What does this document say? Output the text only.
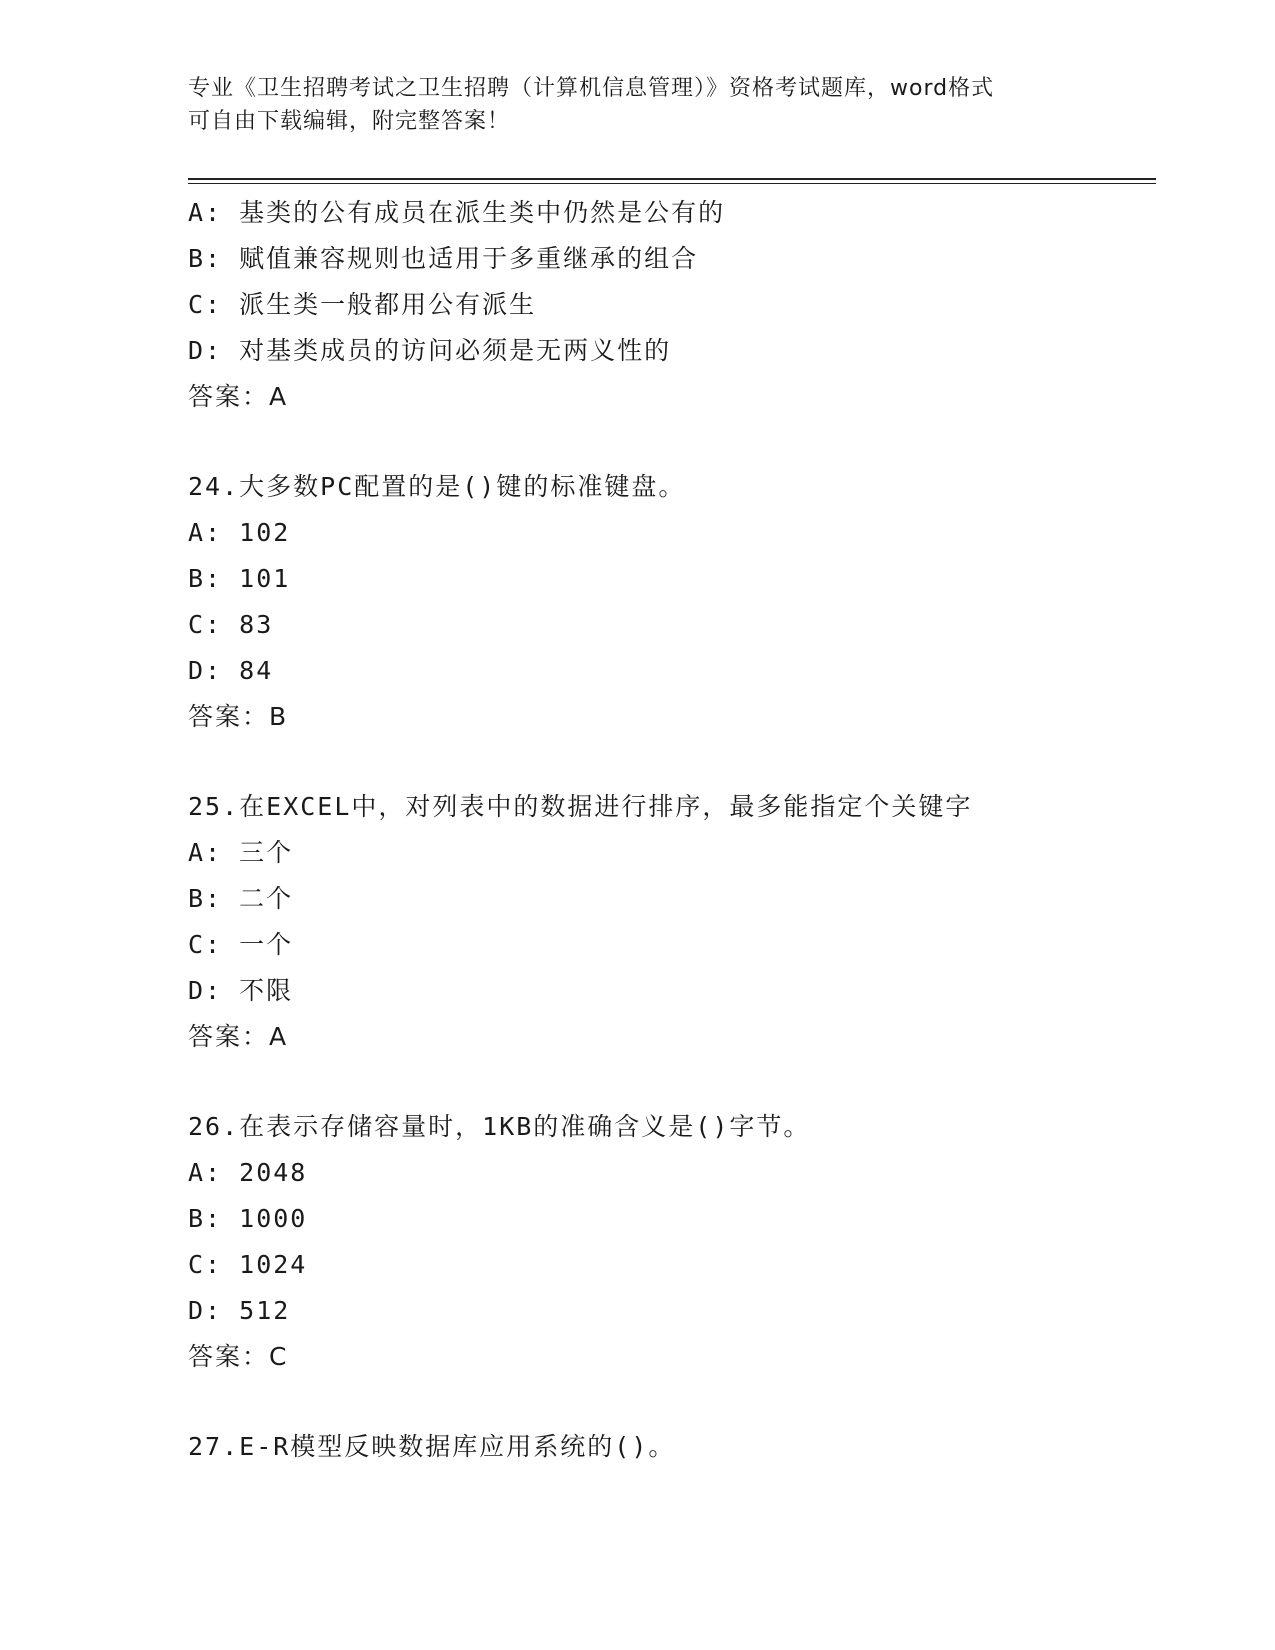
专业《卫生招聘考试之卫生招聘（计算机信息管理）》资格考试题库，word格式
可自由下载编辑，附完整答案！
A: 基类的公有成员在派生类中仍然是公有的
B: 赋值兼容规则也适用于多重继承的组合
C: 派生类一般都用公有派生
D: 对基类成员的访问必须是无两义性的
答案：A
24.大多数PC配置的是()键的标准键盘。
A: 102
B: 101
C: 83
D: 84
答案：B
25.在EXCEL中，对列表中的数据进行排序，最多能指定个关键字
A: 三个
B: 二个
C: 一个
D: 不限
答案：A
26.在表示存储容量时，1KB的准确含义是()字节。
A: 2048
B: 1000
C: 1024
D: 512
答案：C
27.E-R模型反映数据库应用系统的()。
